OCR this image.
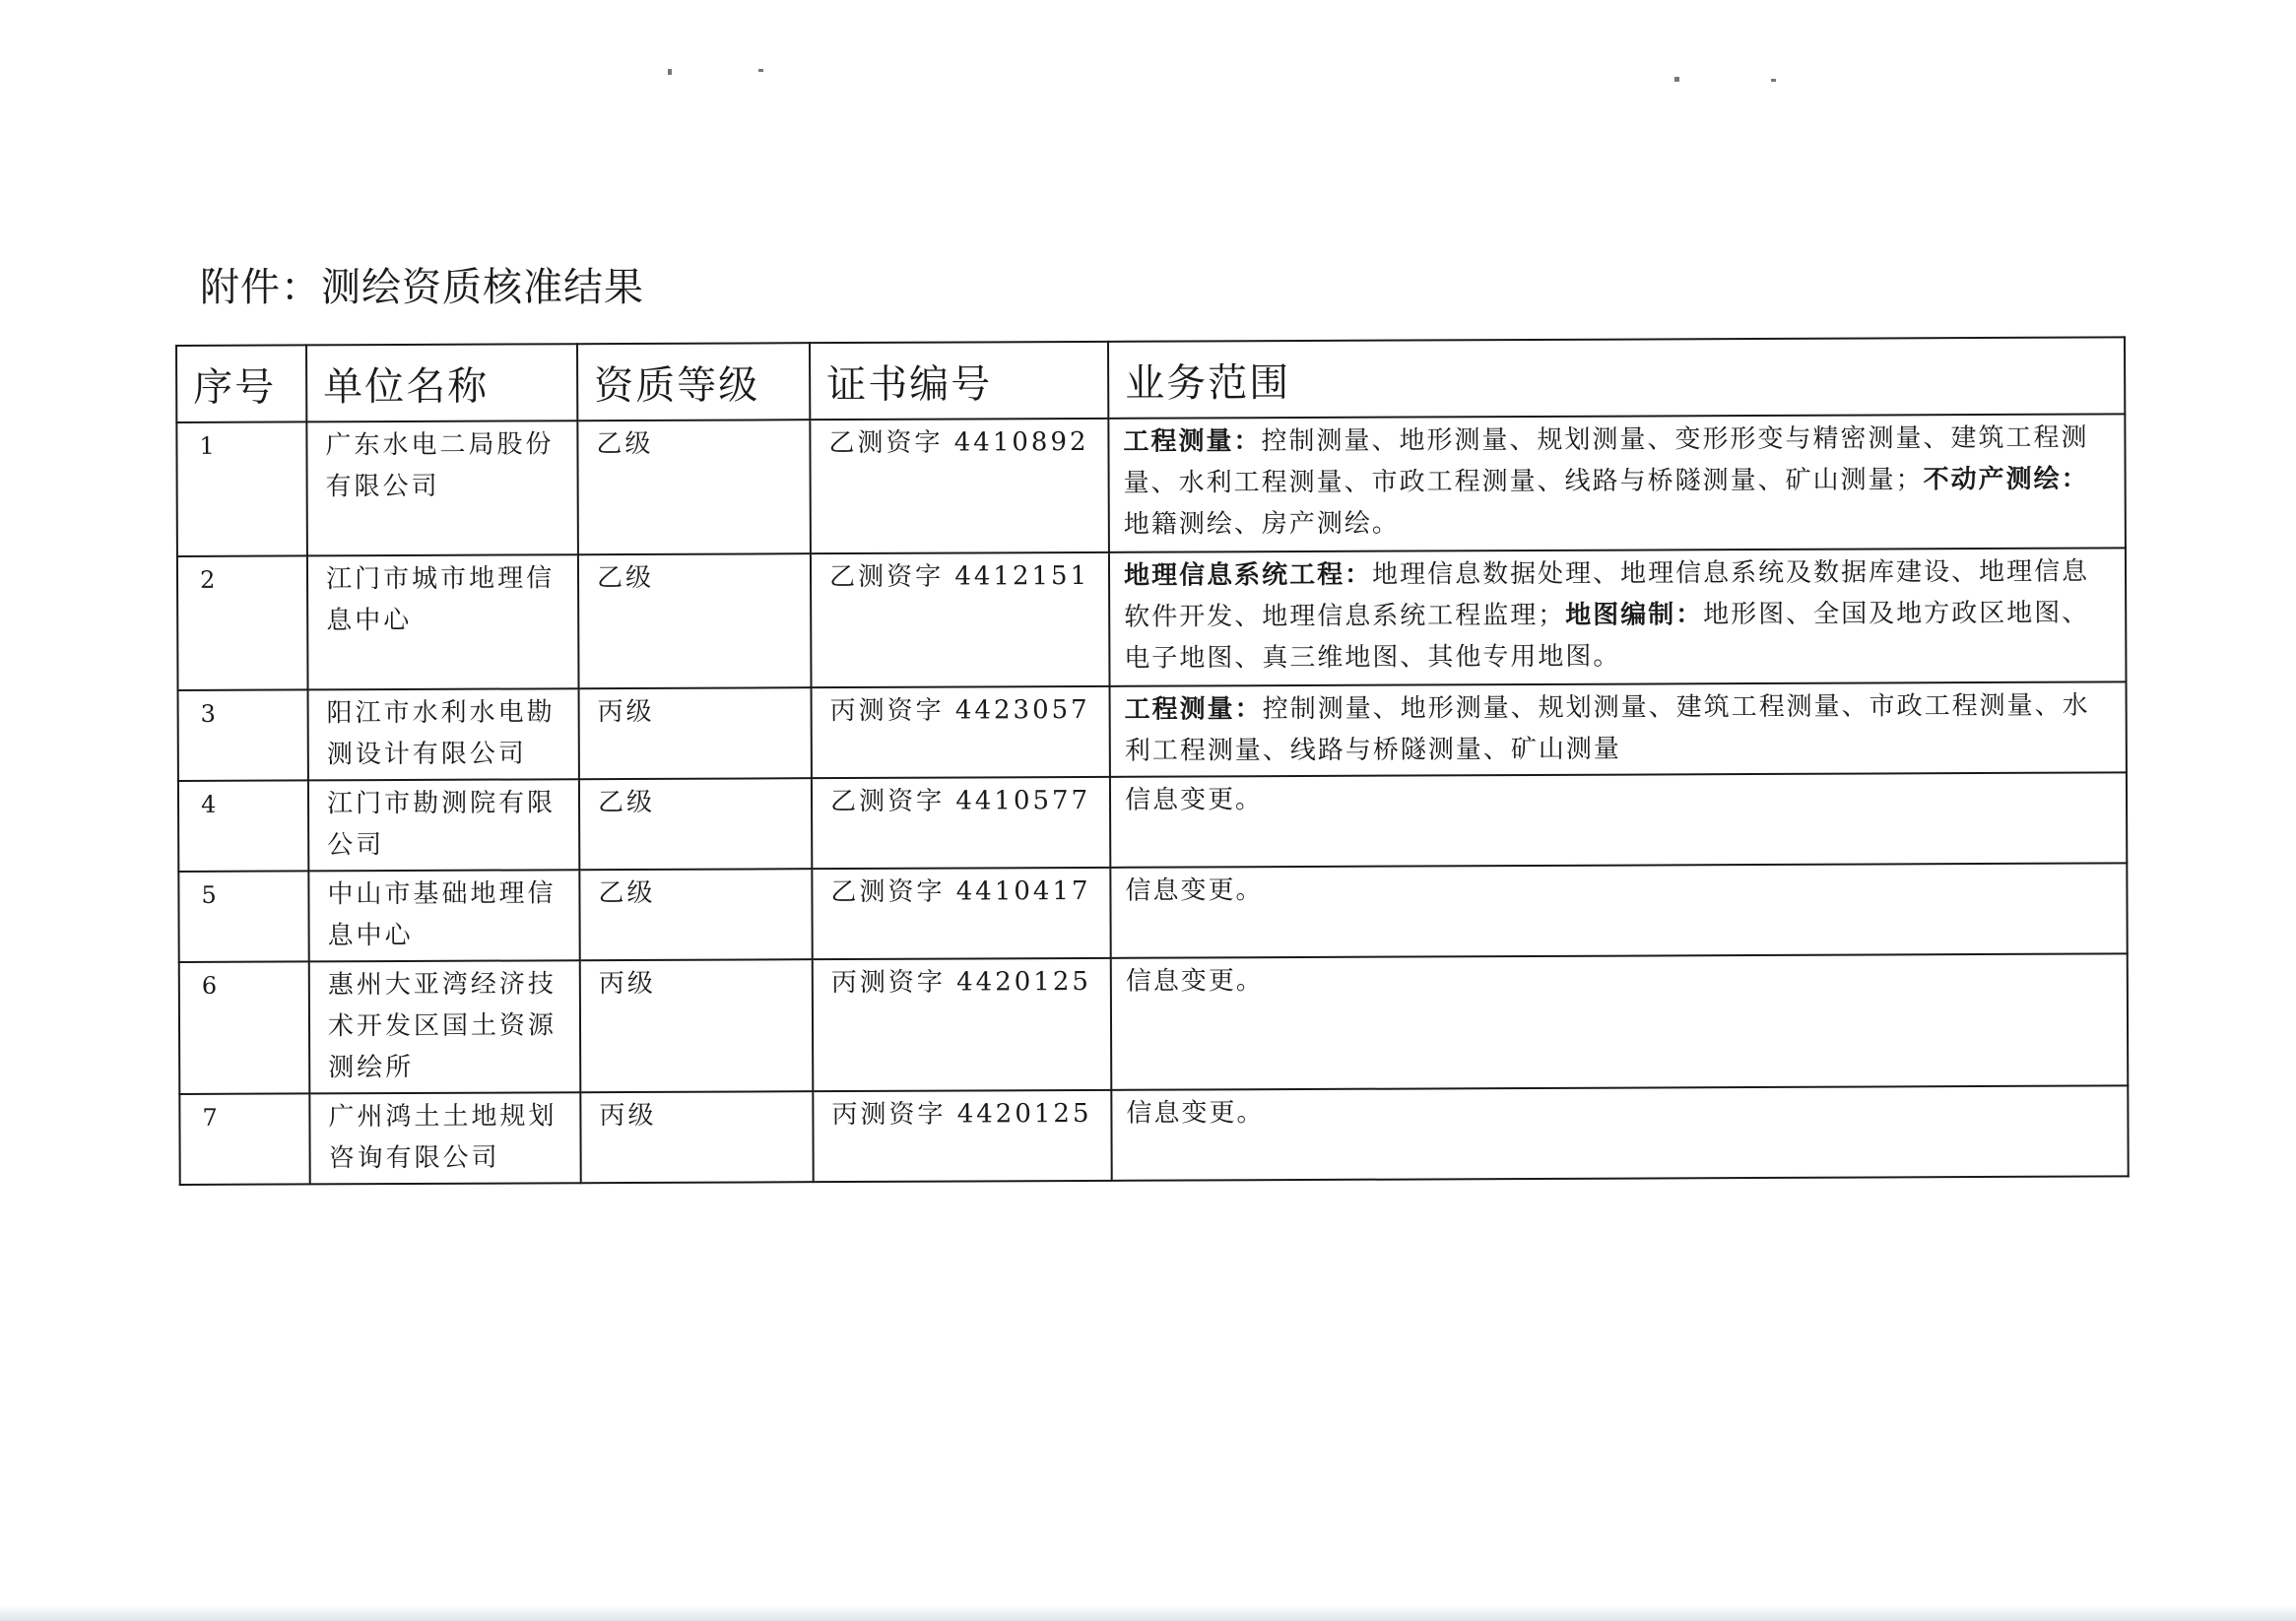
附件：测绘资质核准结果
序号	单位名称	资质等级	证书编号	业务范围
1	广东水电二局股份有限公司	乙级	乙测资字 4410892	工程测量：控制测量、地形测量、规划测量、变形形变与精密测量、建筑工程测量、水利工程测量、市政工程测量、线路与桥隧测量、矿山测量；不动产测绘：地籍测绘、房产测绘。
2	江门市城市地理信息中心	乙级	乙测资字 4412151	地理信息系统工程：地理信息数据处理、地理信息系统及数据库建设、地理信息软件开发、地理信息系统工程监理；地图编制：地形图、全国及地方政区地图、电子地图、真三维地图、其他专用地图。
3	阳江市水利水电勘测设计有限公司	丙级	丙测资字 4423057	工程测量：控制测量、地形测量、规划测量、建筑工程测量、市政工程测量、水利工程测量、线路与桥隧测量、矿山测量
4	江门市勘测院有限公司	乙级	乙测资字 4410577	信息变更。
5	中山市基础地理信息中心	乙级	乙测资字 4410417	信息变更。
6	惠州大亚湾经济技术开发区国土资源测绘所	丙级	丙测资字 4420125	信息变更。
7	广州鸿土土地规划咨询有限公司	丙级	丙测资字 4420125	信息变更。
